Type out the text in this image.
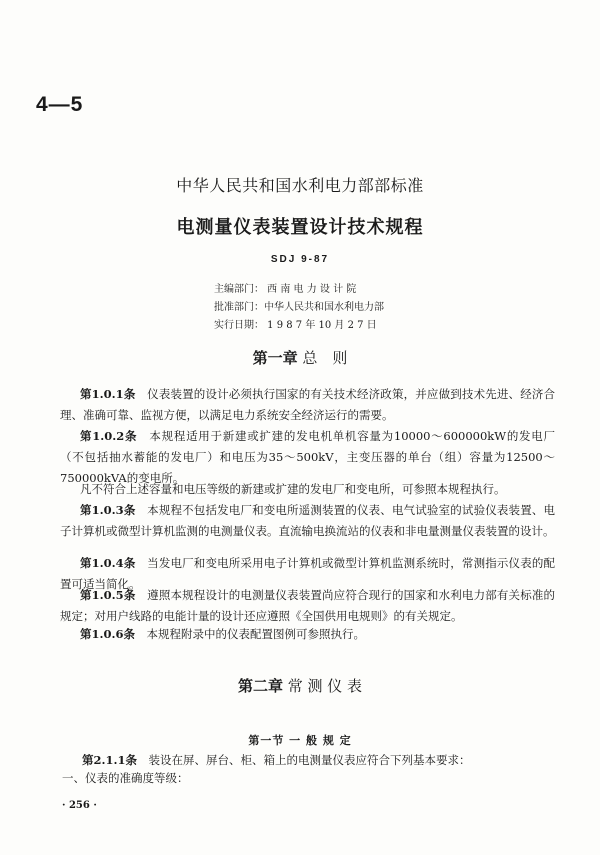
4—5
中华人民共和国水利电力部部标准
电测量仪表装置设计技术规程
SDJ 9-87
主编部门： 西 南 电 力 设 计 院
批准部门：中华人民共和国水利电力部
实行日期： 1 9 8 7 年 10 月 2 7 日
第一章 总　则
第1.0.1条　仪表装置的设计必须执行国家的有关技术经济政策，并应做到技术先进、经济合理、准确可靠、监视方便，以满足电力系统安全经济运行的需要。
第1.0.2条　本规程适用于新建或扩建的发电机单机容量为10000～600000kW的发电厂（不包括抽水蓄能的发电厂）和电压为35～500kV，主变压器的单台（组）容量为12500～750000kVA的变电所。
凡不符合上述容量和电压等级的新建或扩建的发电厂和变电所，可参照本规程执行。
第1.0.3条　本规程不包括发电厂和变电所遥测装置的仪表、电气试验室的试验仪表装置、电子计算机或微型计算机监测的电测量仪表。直流输电换流站的仪表和非电量测量仪表装置的设计。
第1.0.4条　当发电厂和变电所采用电子计算机或微型计算机监测系统时，常测指示仪表的配置可适当简化。
第1.0.5条　遵照本规程设计的电测量仪表装置尚应符合现行的国家和水利电力部有关标准的规定；对用户线路的电能计量的设计还应遵照《全国供用电规则》的有关规定。
第1.0.6条　本规程附录中的仪表配置图例可参照执行。
第二章 常 测 仪 表
第一节 一 般 规 定
第2.1.1条　装设在屏、屏台、柜、箱上的电测量仪表应符合下列基本要求：
一、仪表的准确度等级：
· 256 ·
